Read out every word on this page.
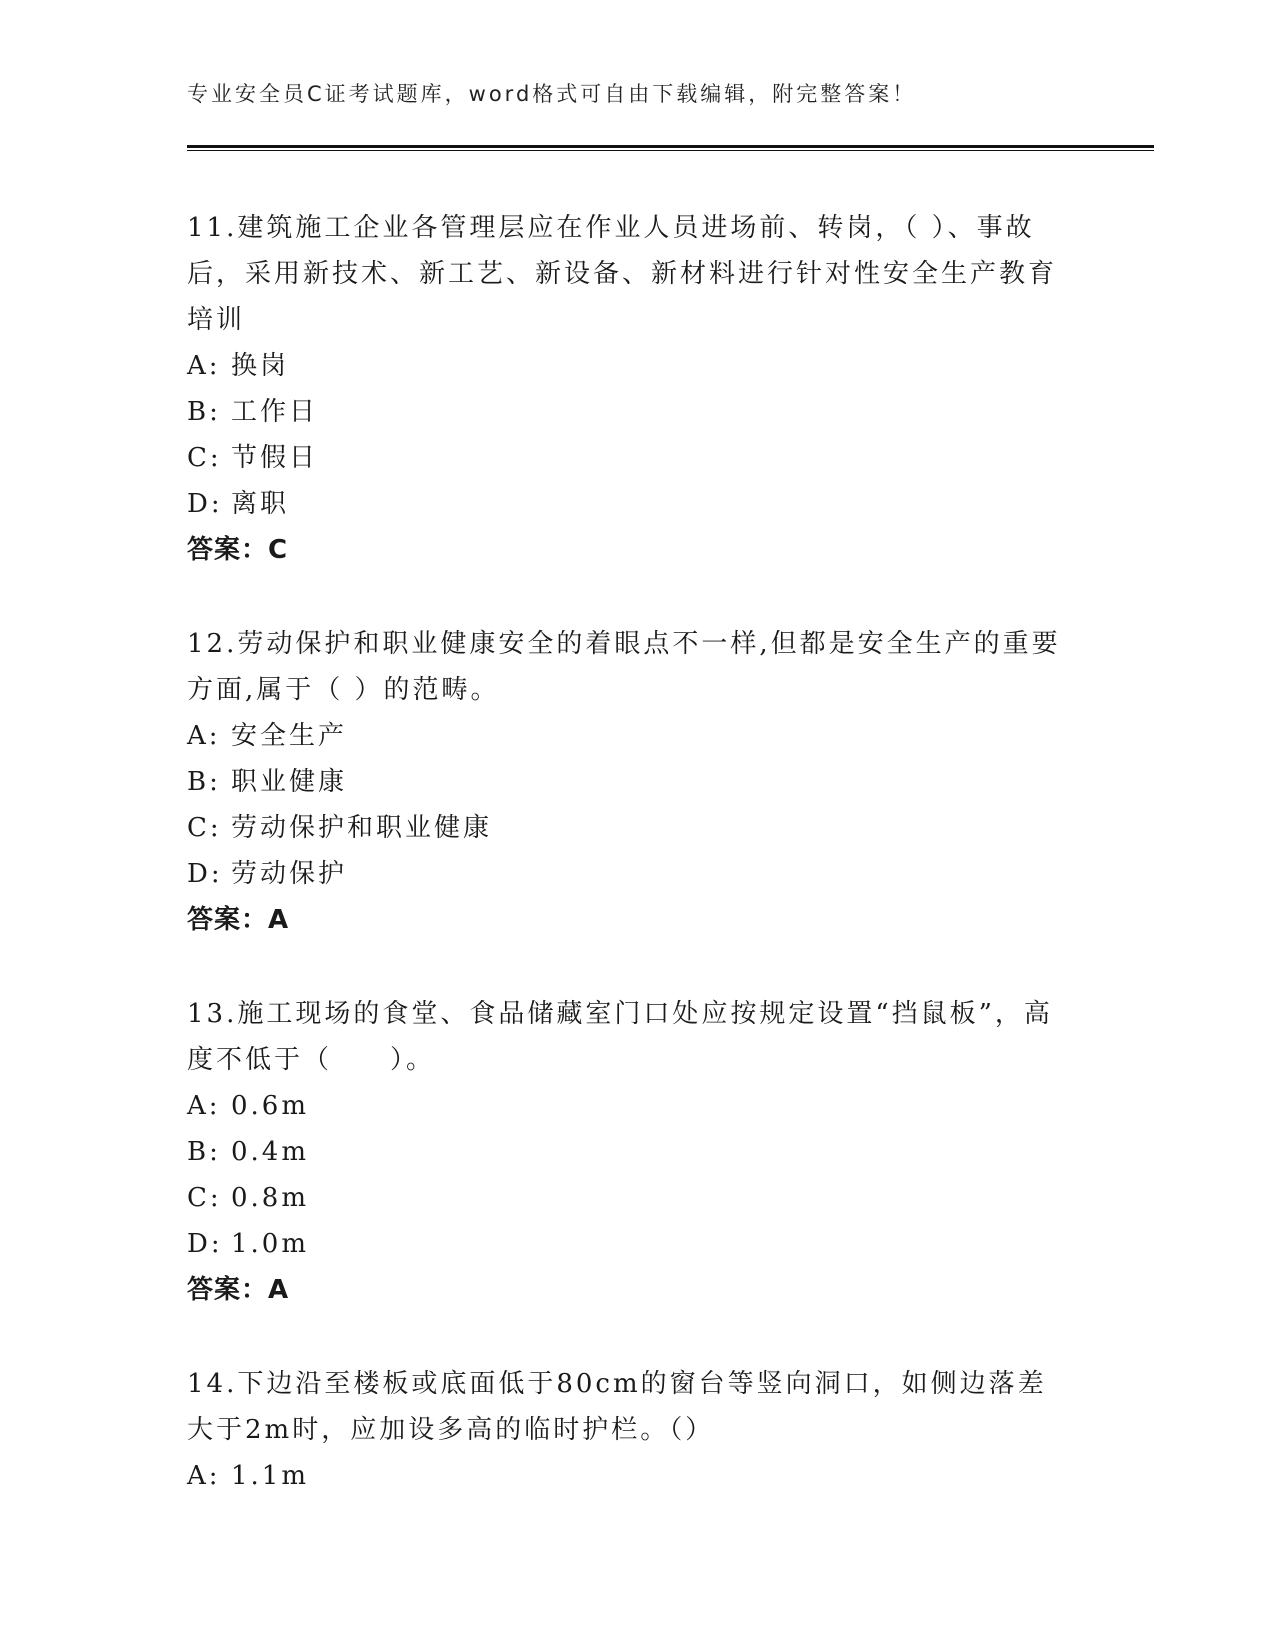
专业安全员C证考试题库，word格式可自由下载编辑，附完整答案！

11.建筑施工企业各管理层应在作业人员进场前、转岗，（ ）、事故后，采用新技术、新工艺、新设备、新材料进行针对性安全生产教育培训

A: 换岗

B: 工作日

C: 节假日

D: 离职

答案：C

12.劳动保护和职业健康安全的着眼点不一样,但都是安全生产的重要方面,属于（ ）的范畴。

A: 安全生产

B: 职业健康

C: 劳动保护和职业健康

D: 劳动保护

答案：A

13.施工现场的食堂、食品储藏室门口处应按规定设置“挡鼠板”，高度不低于（　　）。

A: 0.6m

B: 0.4m

C: 0.8m

D: 1.0m

答案：A

14.下边沿至楼板或底面低于80cm的窗台等竖向洞口，如侧边落差大于2m时，应加设多高的临时护栏。（）

A: 1.1m
